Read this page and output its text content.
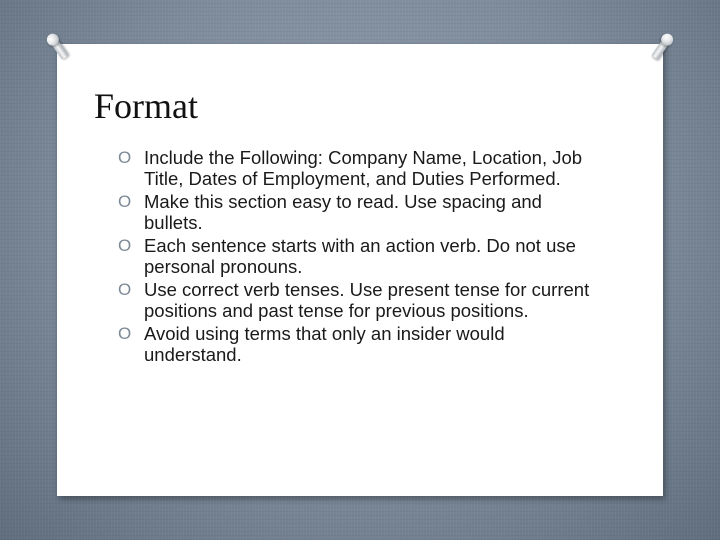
Format
O Include the Following: Company Name, Location, Job Title, Dates of Employment, and Duties Performed.
O Make this section easy to read. Use spacing and bullets.
O Each sentence starts with an action verb. Do not use personal pronouns.
O Use correct verb tenses. Use present tense for current positions and past tense for previous positions.
O Avoid using terms that only an insider would understand.
